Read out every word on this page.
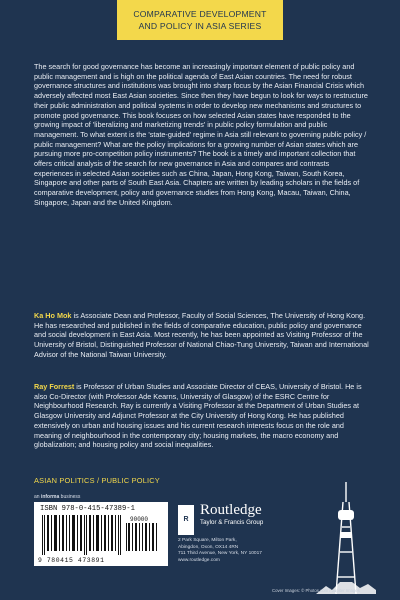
COMPARATIVE DEVELOPMENT
AND POLICY IN ASIA SERIES

The search for good governance has become an increasingly important element of public policy and public management and is high on the political agenda of East Asian countries. The need for robust governance structures and institutions was brought into sharp focus by the Asian Financial Crisis which adversely affected most East Asian societies. Since then they have begun to look for ways to restructure their public administration and political systems in order to develop new mechanisms and structures to promote good governance. This book focuses on how selected Asian states have responded to the growing impact of 'liberalizing and marketizing trends' in public policy formulation and public management. To what extent is the 'state-guided' regime in Asia still relevant to governing public policy / public management? What are the policy implications for a growing number of Asian states which are pursuing more pro-competition policy instruments? The book is a timely and important collection that offers critical analysis of the search for new governance in Asia and compares and contrasts experiences in selected Asian societies such as China, Japan, Hong Kong, Taiwan, South Korea, Singapore and other parts of South East Asia. Chapters are written by leading scholars in the fields of comparative development, policy and governance studies from Hong Kong, Macau, Taiwan, China, Singapore, Japan and the United Kingdom.

Ka Ho Mok is Associate Dean and Professor, Faculty of Social Sciences, The University of Hong Kong. He has researched and published in the fields of comparative education, public policy and governance and social development in East Asia. Most recently, he has been appointed as Visiting Professor of the University of Bristol, Distinguished Professor of National Chiao-Tung University, Taiwan and International Advisor of the National Taiwan University.

Ray Forrest is Professor of Urban Studies and Associate Director of CEAS, University of Bristol. He is also Co-Director (with Professor Ade Kearns, University of Glasgow) of the ESRC Centre for Neighbourhood Research. Ray is currently a Visiting Professor at the Department of Urban Studies at Glasgow University and Adjunct Professor at the City University of Hong Kong. He has published extensively on urban and housing issues and his current research interests focus on the role and meaning of neighbourhood in the contemporary city; housing markets, the macro economy and globalization; and housing policy and social inequalities.

ASIAN POLITICS / PUBLIC POLICY
an informa business
ISBN 978-0-415-47389-1
90000
9 780415 473891
R
Routledge
Taylor & Francis Group
2 Park Square, Milton Park,
Abingdon, Oxon, OX14 4RN
711 Third Avenue, New York, NY 10017
www.routledge.com
Cover Images: © Photos.com / Jupiter Images
